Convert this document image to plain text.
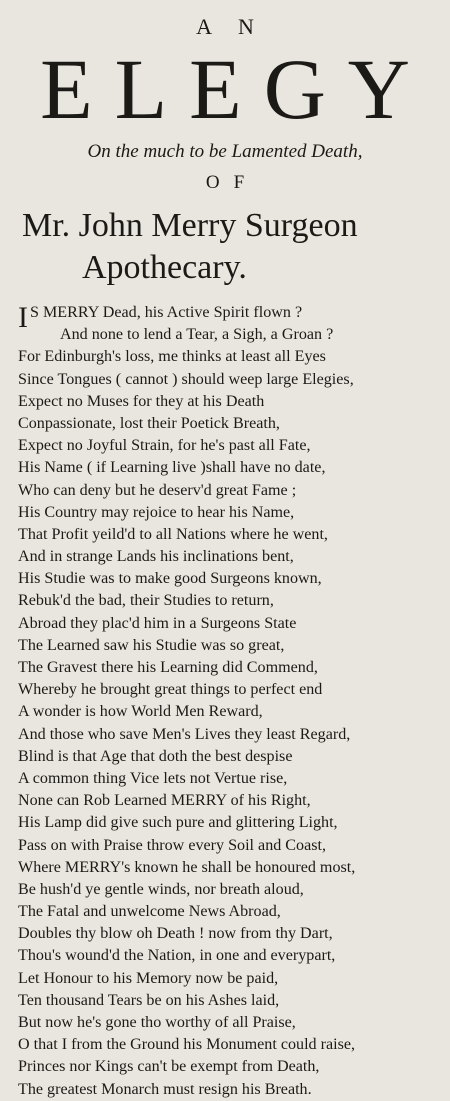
AN
ELEGY
On the much to be Lamented Death,
OF
Mr. John Merry Surgeon
Apothecary.
I S MERRY Dead, his Active Spirit flown ?
And none to lend a Tear, a Sigh, a Groan ?
For Edinburgh's loss, me thinks at least all Eyes
Since Tongues ( cannot ) should weep large Elegies,
Expect no Muses for they at his Death
Conpassionate, lost their Poetick Breath,
Expect no Joyful Strain, for he's past all Fate,
His Name ( if Learning live )shall have no date,
Who can deny but he deserv'd great Fame ;
His Country may rejoice to hear his Name,
That Profit yeild'd to all Nations where he went,
And in strange Lands his inclinations bent,
His Studie was to make good Surgeons known,
Rebuk'd the bad, their Studies to return,
Abroad they plac'd him in a Surgeons State
The Learned saw his Studie was so great,
The Gravest there his Learning did Commend,
Whereby he brought great things to perfect end
A wonder is how World Men Reward,
And those who save Men's Lives they least Regard,
Blind is that Age that doth the best despise
A common thing Vice lets not Vertue rise,
None can Rob Learned MERRY of his Right,
His Lamp did give such pure and glittering Light,
Pass on with Praise throw every Soil and Coast,
Where MERRY's known he shall be honoured most,
Be hush'd ye gentle winds, nor breath aloud,
The Fatal and unwelcome News Abroad,
Doubles thy blow oh Death ! now from thy Dart,
Thou's wound'd the Nation, in one and everypart,
Let Honour to his Memory now be paid,
Ten thousand Tears be on his Ashes laid,
But now he's gone tho worthy of all Praise,
O that I from the Ground his Monument could raise,
Princes nor Kings can't be exempt from Death,
The greatest Monarch must resign his Breath.
